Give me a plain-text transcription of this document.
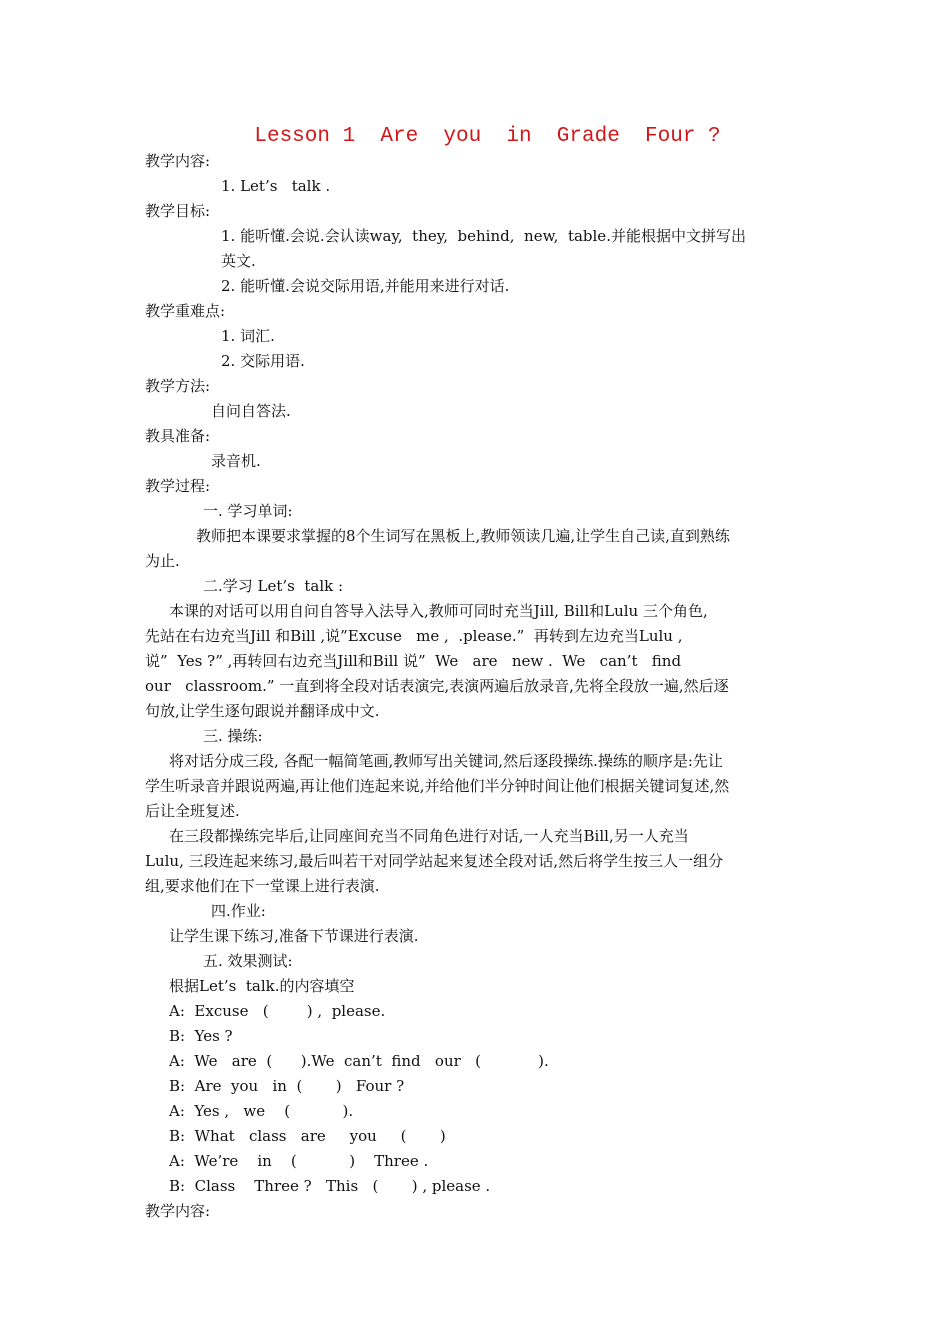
Lesson 1  Are  you  in  Grade  Four ?
教学内容:
1. Let’s   talk .
教学目标:
1. 能听懂.会说.会认读way,  they,  behind,  new,  table.并能根据中文拼写出
英文.
2. 能听懂.会说交际用语,并能用来进行对话.
教学重难点:
1. 词汇.
2. 交际用语.
教学方法:
自问自答法.
教具准备:
录音机.
教学过程:
一. 学习单词:
教师把本课要求掌握的8个生词写在黑板上,教师领读几遍,让学生自己读,直到熟练
为止.
二.学习 Let’s  talk :
本课的对话可以用自问自答导入法导入,教师可同时充当Jill, Bill和Lulu 三个角色,
先站在右边充当Jill 和Bill ,说”Excuse   me ,  .please.”  再转到左边充当Lulu ,
说”  Yes ?” ,再转回右边充当Jill和Bill 说”  We   are   new .  We   can’t   find
our   classroom.” 一直到将全段对话表演完,表演两遍后放录音,先将全段放一遍,然后逐
句放,让学生逐句跟说并翻译成中文.
三. 操练:
将对话分成三段, 各配一幅简笔画,教师写出关键词,然后逐段操练.操练的顺序是:先让
学生听录音并跟说两遍,再让他们连起来说,并给他们半分钟时间让他们根据关键词复述,然
后让全班复述.
在三段都操练完毕后,让同座间充当不同角色进行对话,一人充当Bill,另一人充当
Lulu, 三段连起来练习,最后叫若干对同学站起来复述全段对话,然后将学生按三人一组分
组,要求他们在下一堂课上进行表演.
四.作业:
让学生课下练习,准备下节课进行表演.
五. 效果测试:
根据Let’s  talk.的内容填空
A:  Excuse   (        ) ,  please.
B:  Yes ?
A:  We   are  (      ).We  can’t  find   our   (            ).
B:  Are  you   in  (       )   Four ?
A:  Yes ,   we    (           ).
B:  What   class   are     you     (       )
A:  We’re    in    (           )    Three .
B:  Class    Three ?   This   (       ) , please .
教学内容:
